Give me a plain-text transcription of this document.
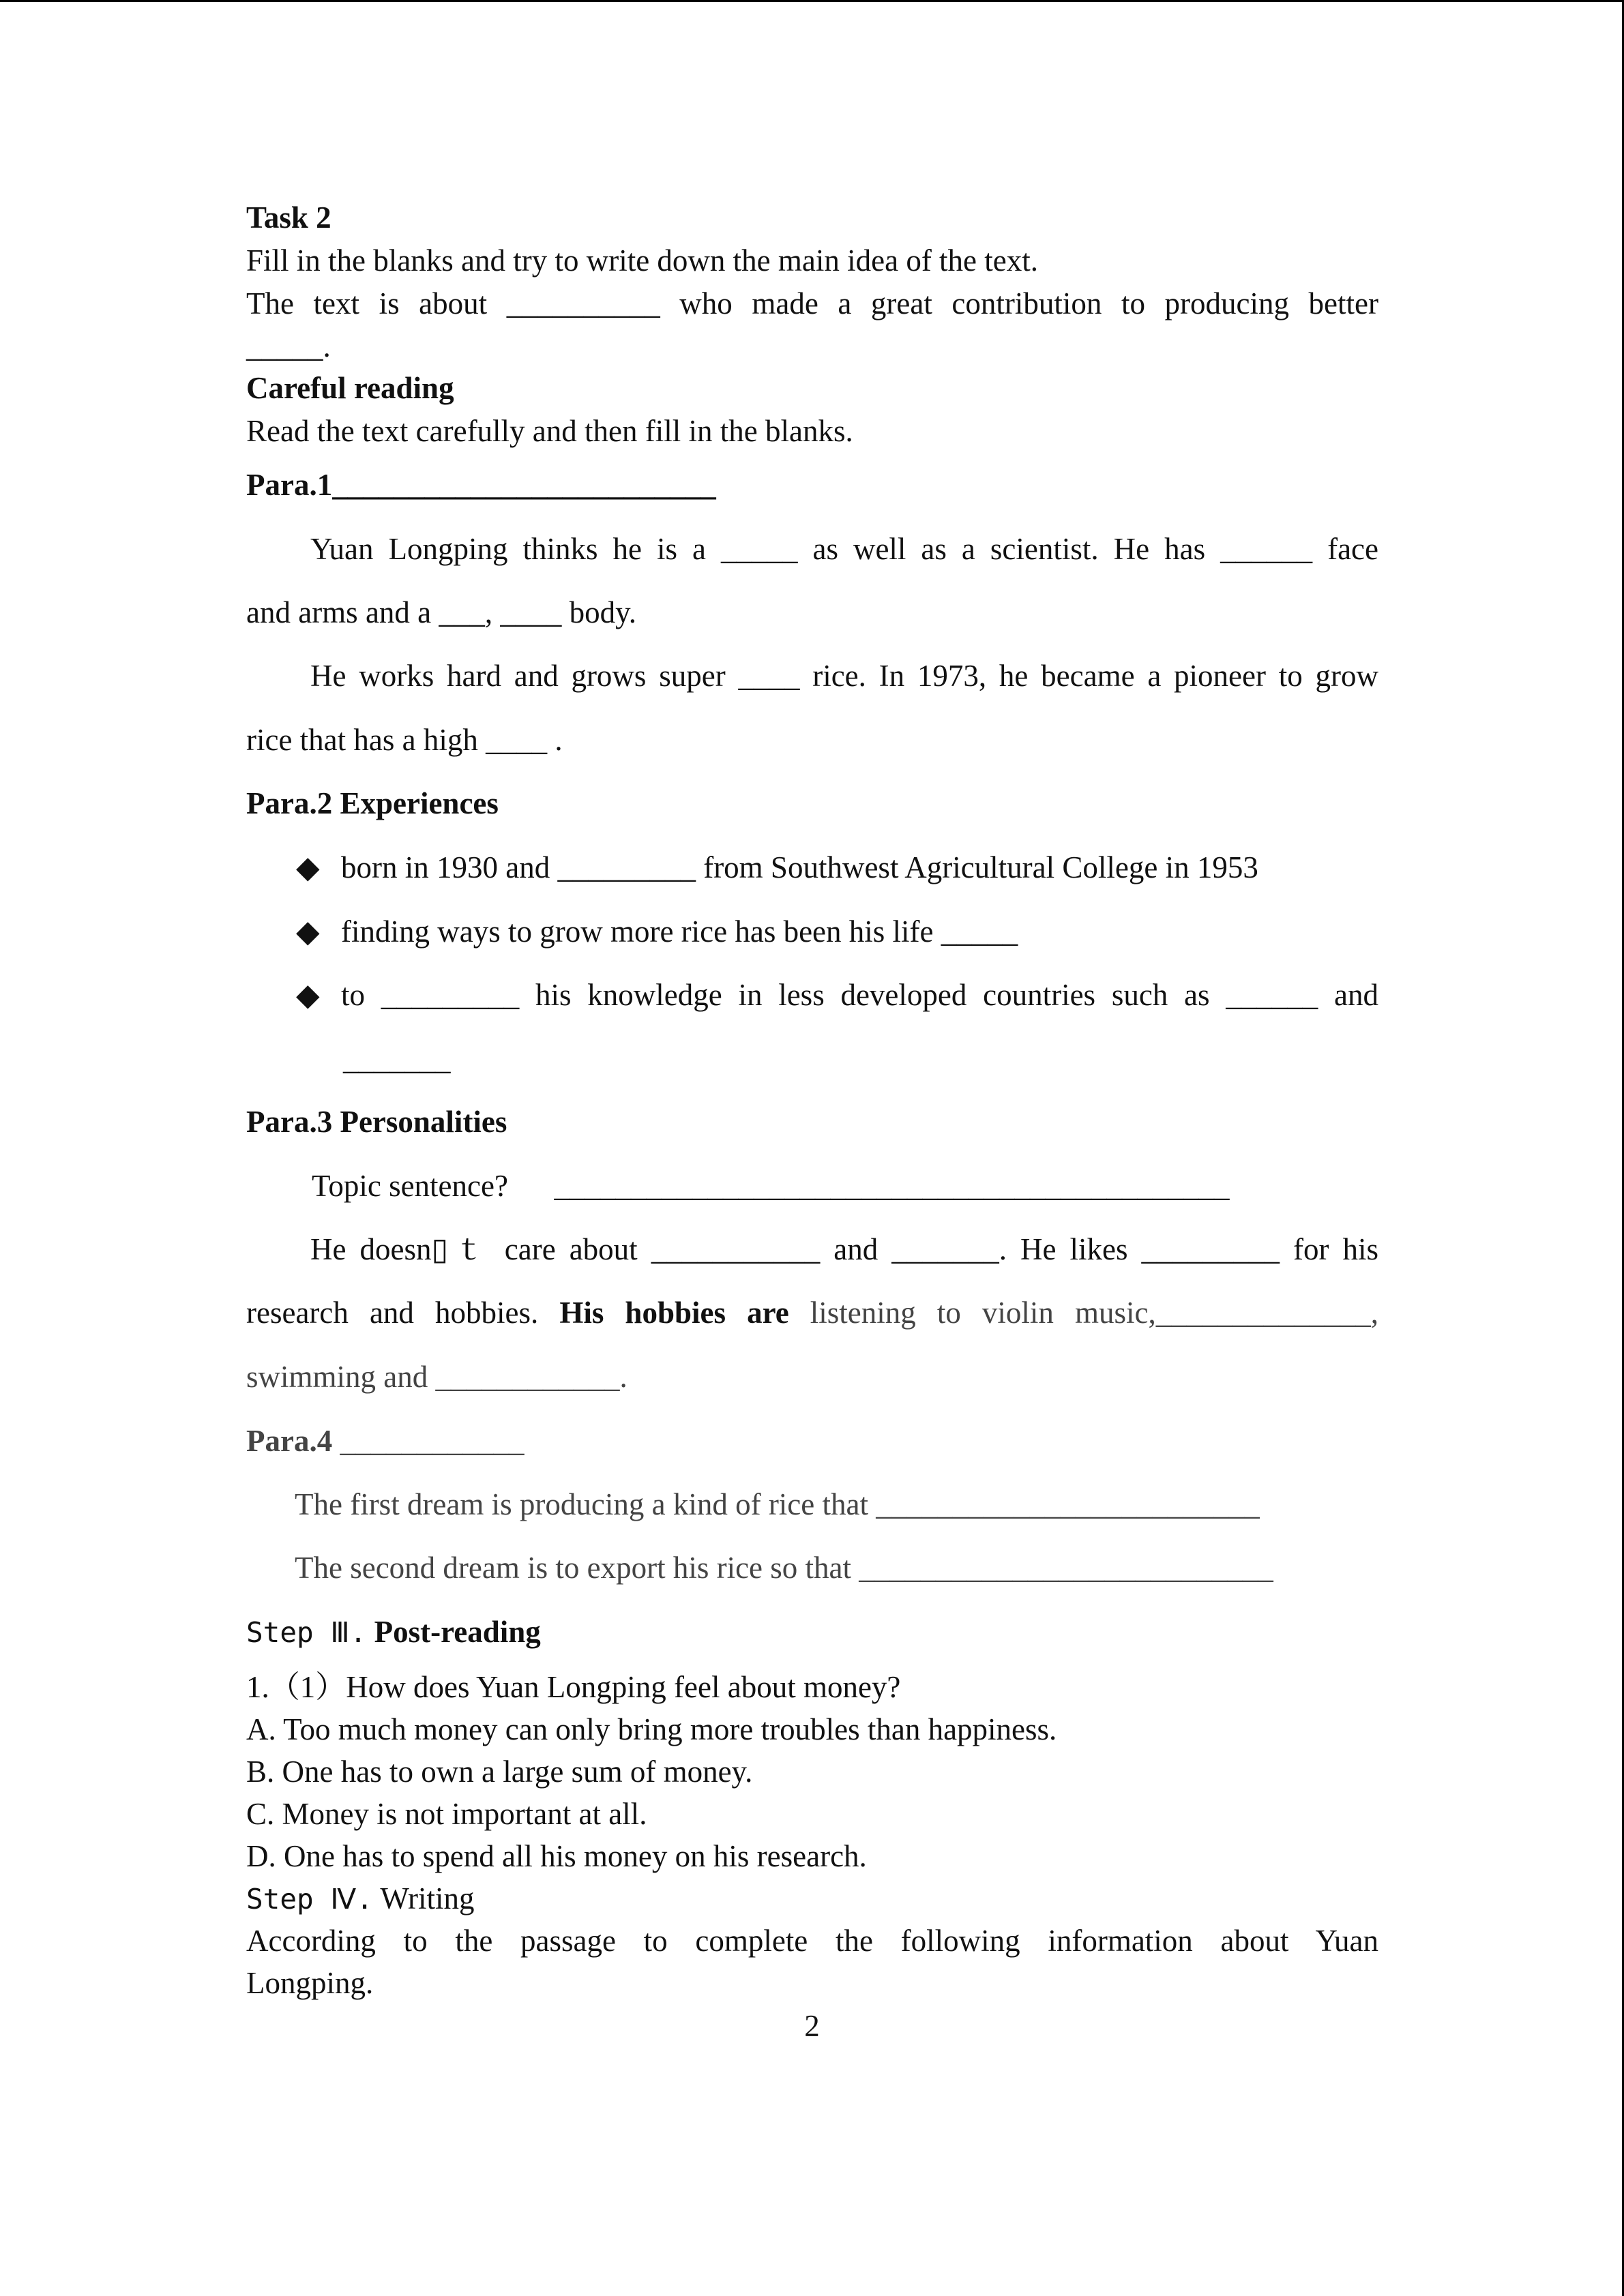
Task 2
Fill in the blanks and try to write down the main idea of the text.
The text is about __________ who made a great contribution to producing better
_____.
Careful reading
Read the text carefully and then fill in the blanks.
Para.1_________________________
Yuan Longping thinks he is a _____ as well as a scientist. He has ______ face
and arms and a ___, ____ body.
He works hard and grows super ____ rice. In 1973, he became a pioneer to grow
rice that has a high ____ .
Para.2 Experiences
◆ born in 1930 and _________ from Southwest Agricultural College in 1953
◆ finding ways to grow more rice has been his life _____
◆ to _________ his knowledge in less developed countries such as ______ and
_______
Para.3 Personalities
Topic sentence?      ____________________________________________
He doesn▯ｔ care about ___________ and _______. He likes _________ for his
research and hobbies. His hobbies are listening to violin music,______________,
swimming and ____________.
Para.4 ____________
The first dream is producing a kind of rice that _________________________
The second dream is to export his rice so that ___________________________
Step Ⅲ. Post-reading
1.（1）How does Yuan Longping feel about money?
A. Too much money can only bring more troubles than happiness.
B. One has to own a large sum of money.
C. Money is not important at all.
D. One has to spend all his money on his research.
Step Ⅳ. Writing
According to the passage to complete the following information about Yuan
Longping.
2
